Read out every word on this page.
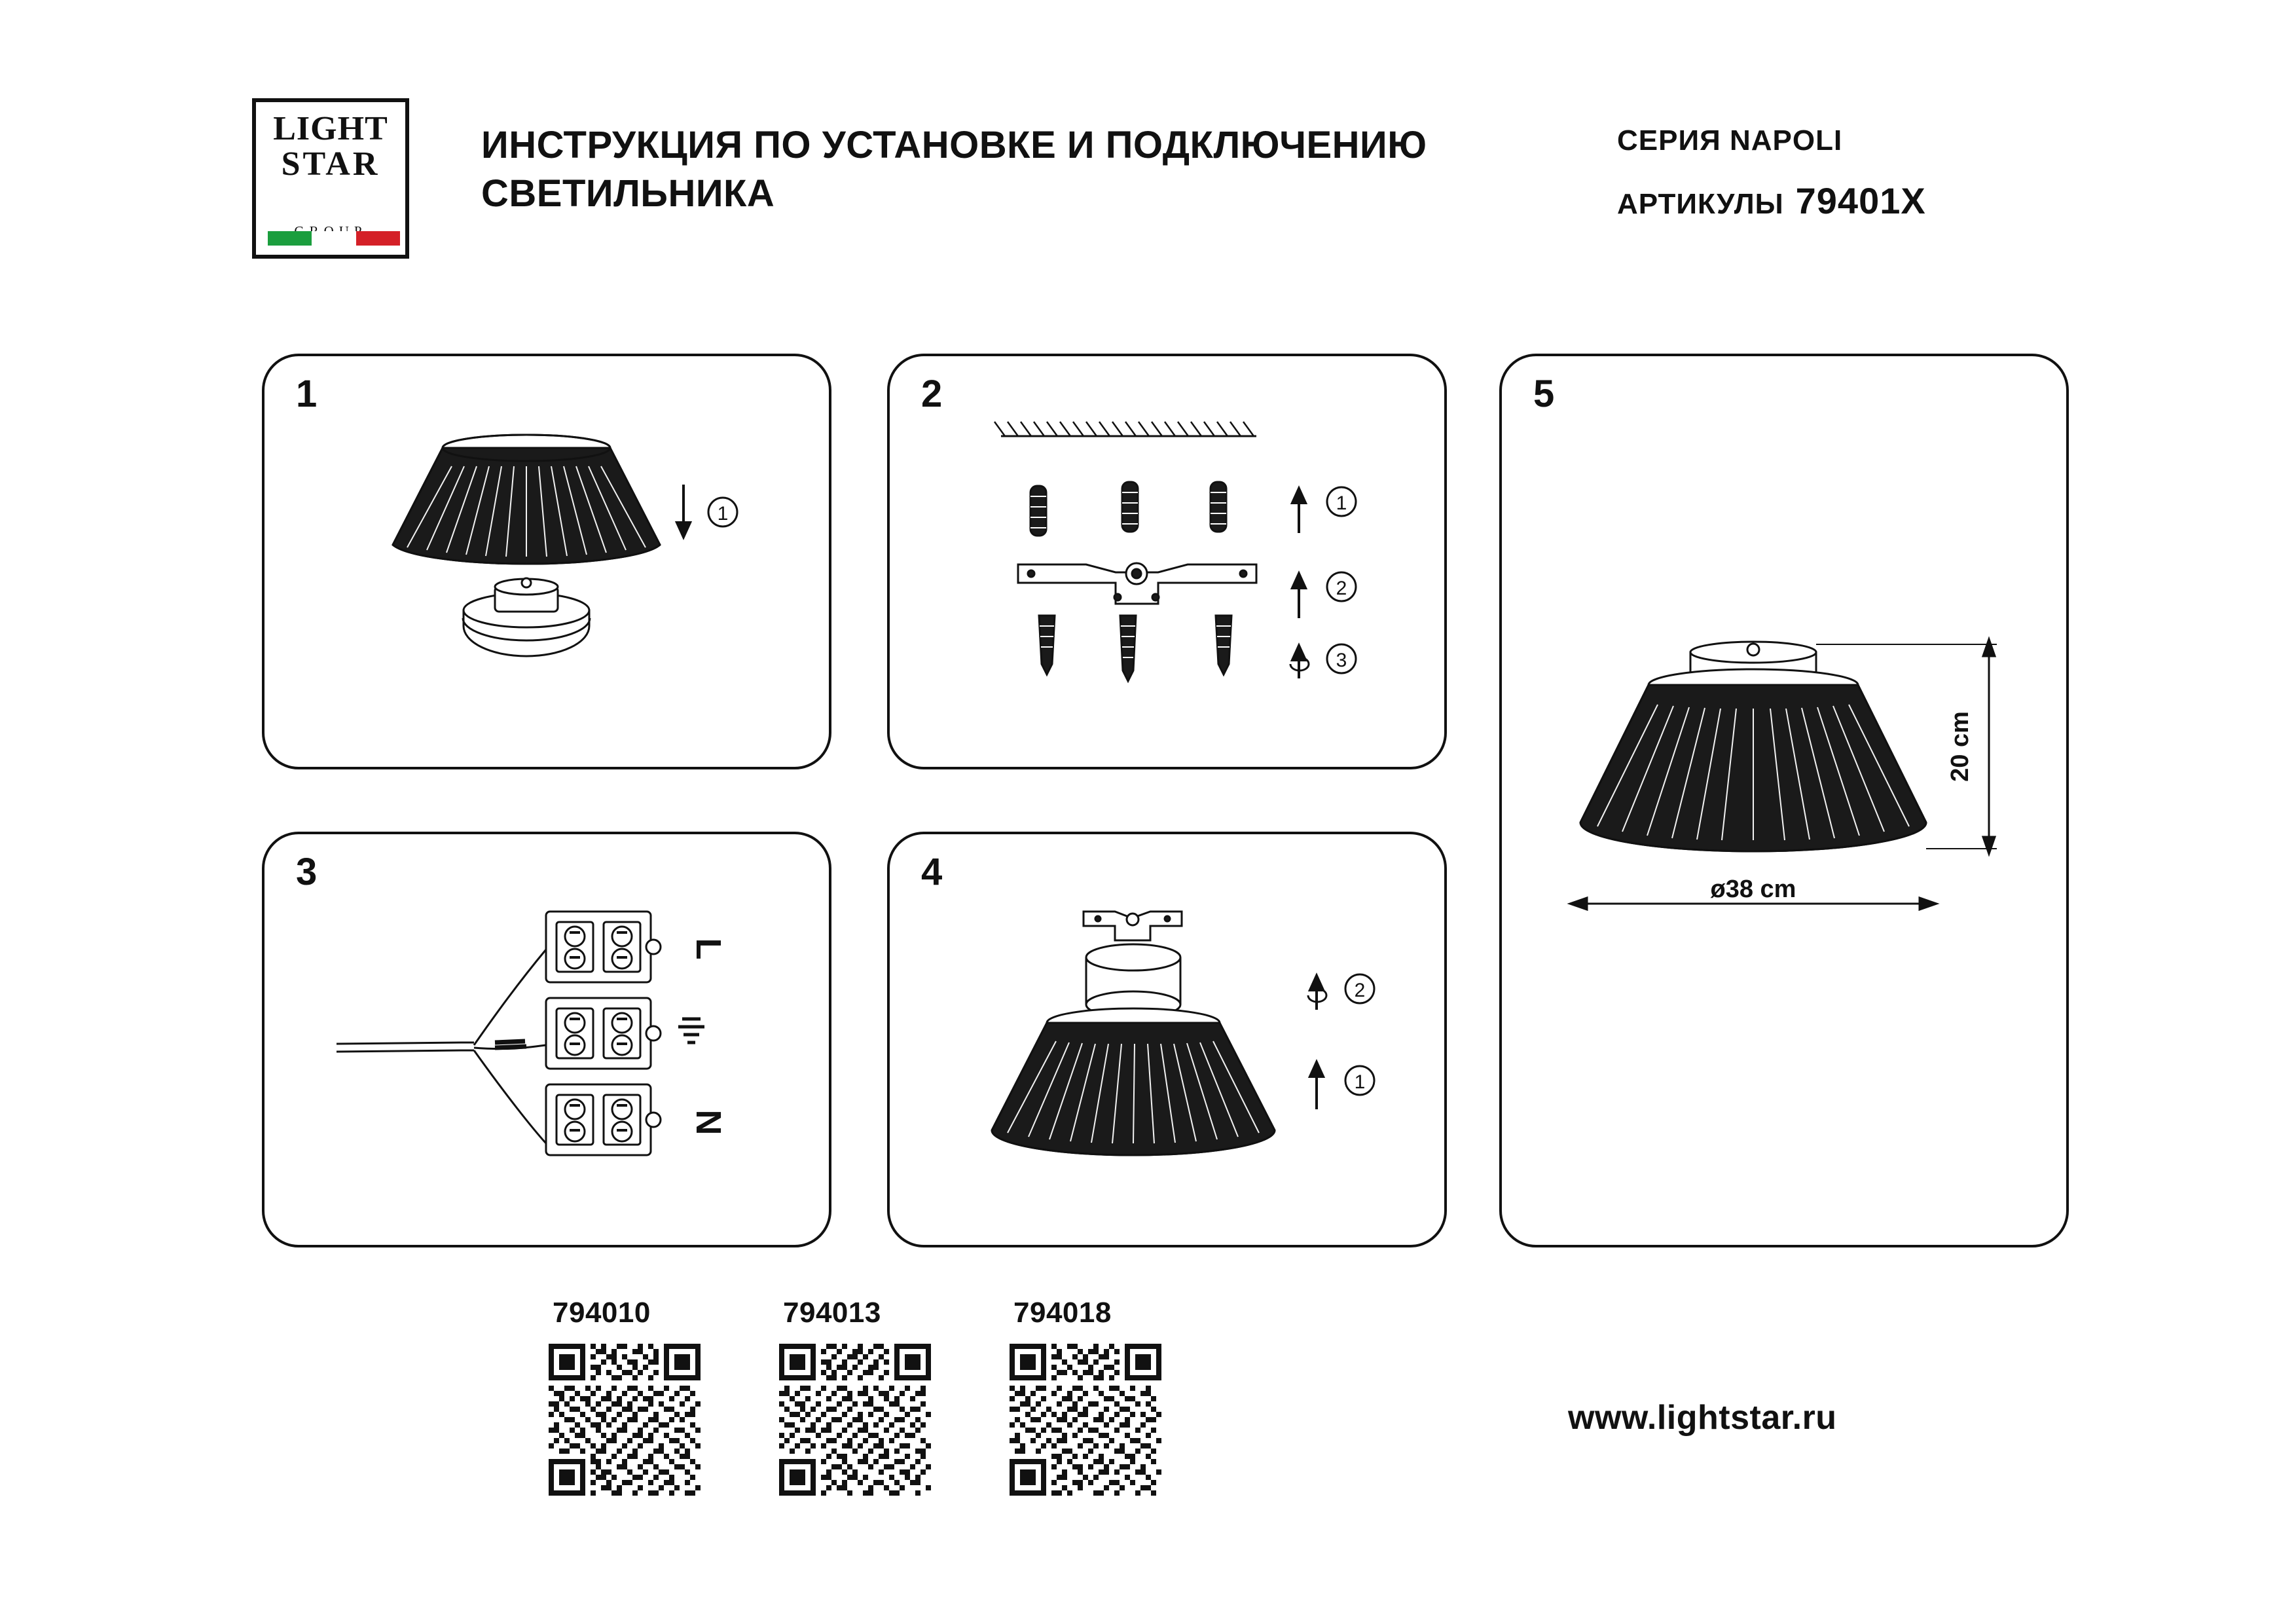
LIGHT
STAR	ИНСТРУКЦИЯ ПО УСТАНОВКЕ И ПОДКЛЮЧЕНИЮ СВЕТИЛЬНИКА
СЕРИЯ NAPOLI
АРТИКУЛЫ 79401X
1
1
2
1
2
3
3
L
N
4
2
1
5
20 cm
ø38 cm
794010	794013	794018
www.lightstar.ru
